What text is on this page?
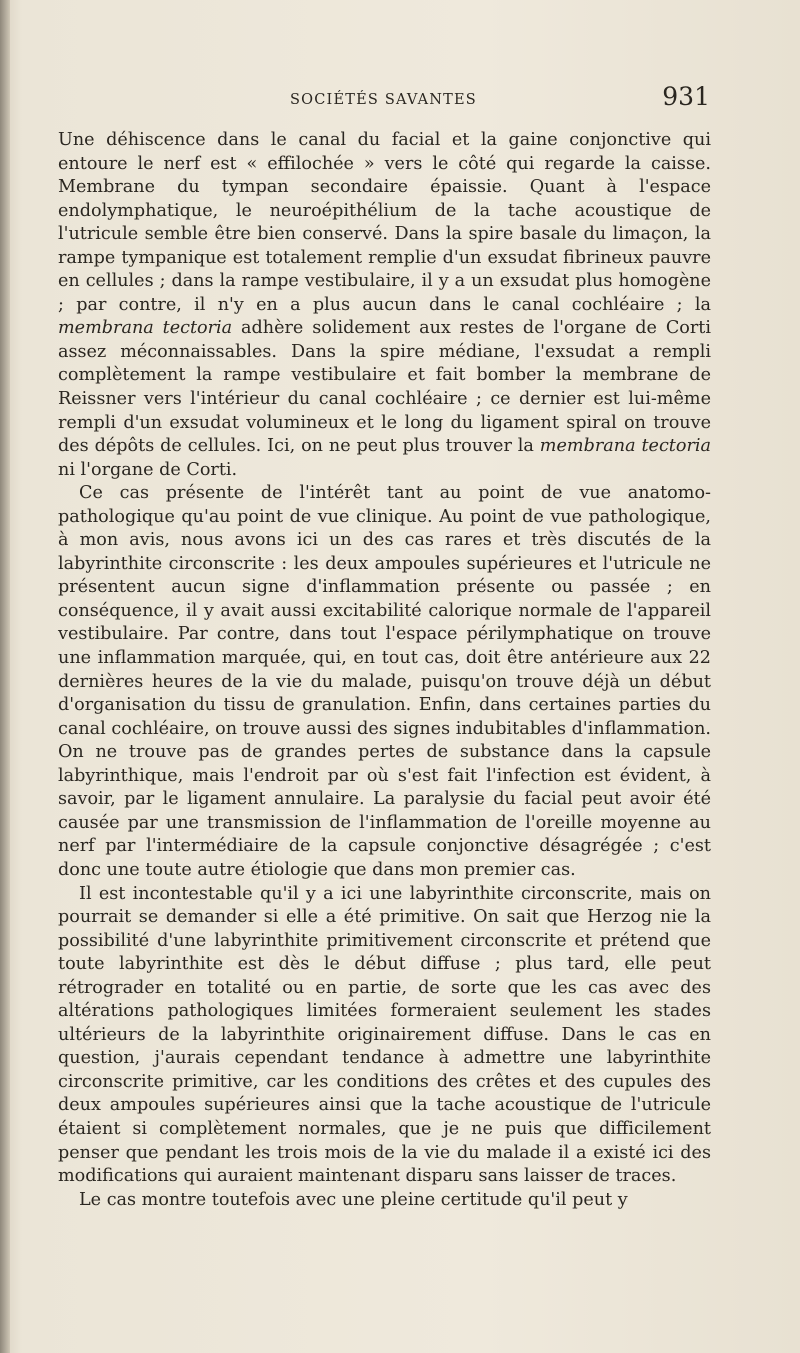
SOCIÉTÉS SAVANTES	931

Une déhiscence dans le canal du facial et la gaine conjonctive qui entoure le nerf est « effilochée » vers le côté qui regarde la caisse. Membrane du tympan secondaire épaissie. Quant à l'espace endolymphatique, le neuroépithélium de la tache acoustique de l'utricule semble être bien conservé. Dans la spire basale du limaçon, la rampe tympanique est totalement remplie d'un exsudat fibrineux pauvre en cellules ; dans la rampe vestibulaire, il y a un exsudat plus homogène ; par contre, il n'y en a plus aucun dans le canal cochléaire ; la membrana tectoria adhère solidement aux restes de l'organe de Corti assez méconnaissables. Dans la spire médiane, l'exsudat a rempli complètement la rampe vestibulaire et fait bomber la membrane de Reissner vers l'intérieur du canal cochléaire ; ce dernier est lui-même rempli d'un exsudat volumineux et le long du ligament spiral on trouve des dépôts de cellules. Ici, on ne peut plus trouver la membrana tectoria ni l'organe de Corti.

Ce cas présente de l'intérêt tant au point de vue anatomo-pathologique qu'au point de vue clinique. Au point de vue pathologique, à mon avis, nous avons ici un des cas rares et très discutés de la labyrinthite circonscrite : les deux ampoules supérieures et l'utricule ne présentent aucun signe d'inflammation présente ou passée ; en conséquence, il y avait aussi excitabilité calorique normale de l'appareil vestibulaire. Par contre, dans tout l'espace périlymphatique on trouve une inflammation marquée, qui, en tout cas, doit être antérieure aux 22 dernières heures de la vie du malade, puisqu'on trouve déjà un début d'organisation du tissu de granulation. Enfin, dans certaines parties du canal cochléaire, on trouve aussi des signes indubitables d'inflammation. On ne trouve pas de grandes pertes de substance dans la capsule labyrinthique, mais l'endroit par où s'est fait l'infection est évident, à savoir, par le ligament annulaire. La paralysie du facial peut avoir été causée par une transmission de l'inflammation de l'oreille moyenne au nerf par l'intermédiaire de la capsule conjonctive désagrégée ; c'est donc une toute autre étiologie que dans mon premier cas.

Il est incontestable qu'il y a ici une labyrinthite circonscrite, mais on pourrait se demander si elle a été primitive. On sait que Herzog nie la possibilité d'une labyrinthite primitivement circonscrite et prétend que toute labyrinthite est dès le début diffuse ; plus tard, elle peut rétrograder en totalité ou en partie, de sorte que les cas avec des altérations pathologiques limitées formeraient seulement les stades ultérieurs de la labyrinthite originairement diffuse. Dans le cas en question, j'aurais cependant tendance à admettre une labyrinthite circonscrite primitive, car les conditions des crêtes et des cupules des deux ampoules supérieures ainsi que la tache acoustique de l'utricule étaient si complètement normales, que je ne puis que difficilement penser que pendant les trois mois de la vie du malade il a existé ici des modifications qui auraient maintenant disparu sans laisser de traces.

Le cas montre toutefois avec une pleine certitude qu'il peut y
